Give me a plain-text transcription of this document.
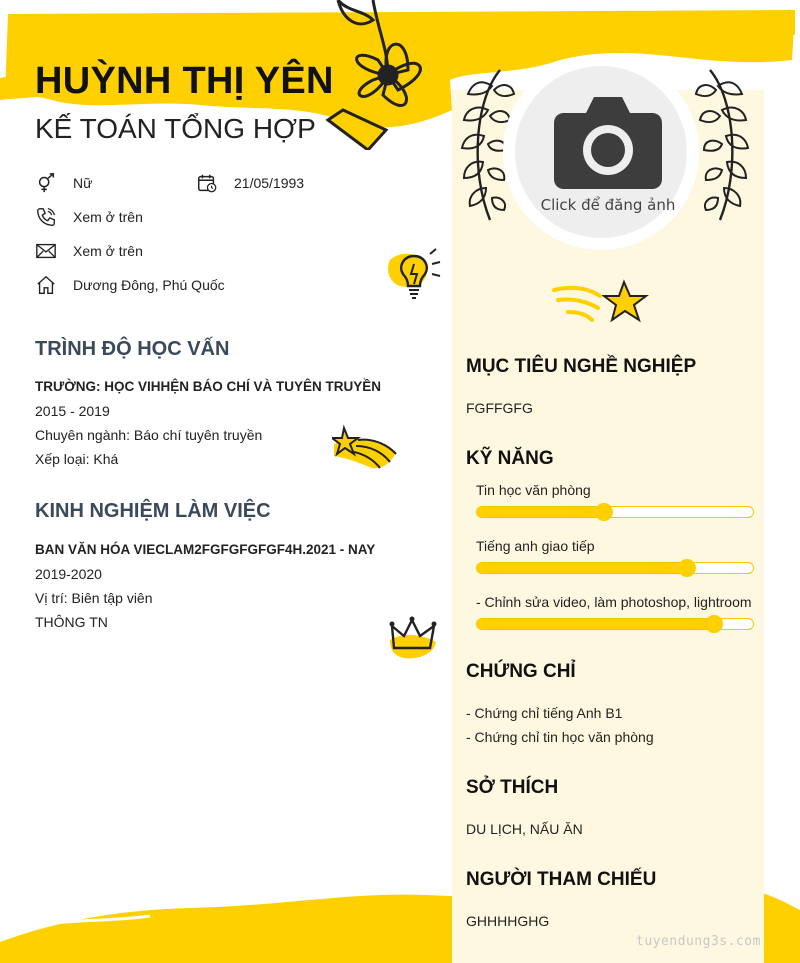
HUỲNH THỊ YÊN
KẾ TOÁN TỔNG HỢP
Nữ	21/05/1993
Xem ở trên
Xem ở trên
Dương Đông, Phú Quốc
TRÌNH ĐỘ HỌC VẤN
TRƯỜNG: HỌC VIHHỆN BÁO CHÍ VÀ TUYÊN TRUYỀN
2015 - 2019
Chuyên ngành: Báo chí tuyên truyền
Xếp loại: Khá
KINH NGHIỆM LÀM VIỆC
BAN VĂN HÓA VIECLAM2FGFGFGFGF4H.2021 - NAY
2019-2020
Vị trí: Biên tập viên
THÔNG TN
Click để đăng ảnh
MỤC TIÊU NGHỀ NGHIỆP
FGFFGFG
KỸ NĂNG
Tin học văn phòng
Tiếng anh giao tiếp
- Chỉnh sửa video, làm photoshop, lightroom
CHỨNG CHỈ
- Chứng chỉ tiếng Anh B1
- Chứng chỉ tin học văn phòng
SỞ THÍCH
DU LỊCH, NẤU ĂN
NGƯỜI THAM CHIẾU
GHHHHGHG
tuyendung3s.com
